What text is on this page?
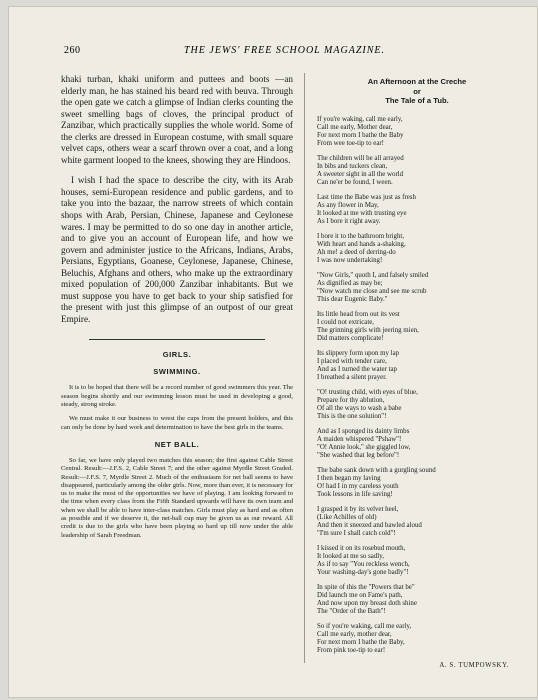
260	THE JEWS' FREE SCHOOL MAGAZINE.

khaki turban, khaki uniform and puttees and boots —an elderly man, he has stained his beard red with beuva. Through the open gate we catch a glimpse of Indian clerks counting the sweet smelling bags of cloves, the principal product of Zanzibar, which practically supplies the whole world. Some of the clerks are dressed in European costume, with small square velvet caps, others wear a scarf thrown over a coat, and a long white garment looped to the knees, showing they are Hindoos.

I wish I had the space to describe the city, with its Arab houses, semi-European residence and public gardens, and to take you into the bazaar, the narrow streets of which contain shops with Arab, Persian, Chinese, Japanese and Ceylonese wares. I may be permitted to do so one day in another article, and to give you an account of European life, and how we govern and administer justice to the Africans, Indians, Arabs, Persians, Egyptians, Goanese, Ceylonese, Japanese, Chinese, Beluchis, Afghans and others, who make up the extraordinary mixed population of 200,000 Zanzibar inhabitants. But we must suppose you have to get back to your ship satisfied for the present with just this glimpse of an outpost of our great Empire.

GIRLS.
SWIMMING.

It is to be hoped that there will be a record number of good swimmers this year. The season begins shortly and our swimming lesson must be used in developing a good, steady, strong stroke.

We must make it our business to wrest the cups from the present holders, and this can only be done by hard work and determination to have the best girls in the teams.

NET BALL.

So far, we have only played two matches this season; the first against Cable Street Central. Result:—J.F.S. 2, Cable Street 7; and the other against Myrdle Street Graded. Result:—J.F.S. 7, Myrdle Street 2. Much of the enthusiasm for net ball seems to have disappeared, particularly among the older girls. Now, more than ever, it is necessary for us to make the most of the opportunities we have of playing. I am looking forward to the time when every class from the Fifth Standard upwards will have its own team and when we shall be able to have inter-class matches. Girls must play as hard and as often as possible and if we deserve it, the net-ball cup may be given us as our reward. All credit is due to the girls who have been playing so hard up till now under the able leadership of Sarah Freedman.

An Afternoon at the Creche
or
The Tale of a Tub.
If you're waking, call me early,
Call me early, Mother dear,
For next morn I bathe the Baby
From wee toe-tip to ear!
The children will be all arrayed
In bibs and tuckers clean,
A sweeter sight in all the world
Can ne'er be found, I ween.
Last time the Babe was just as fresh
As any flower in May,
It looked at me with trusting eye
As I bore it right away.
I bore it to the bathroom bright,
With heart and hands a-shaking,
Ah me! a deed of derring-do
I was now undertaking!
"Now Girls," quoth I, and falsely smiled
As dignified as may be;
"Now watch me close and see me scrub
This dear Eugenic Baby."
Its little head from out its vest
I could not extricate,
The grinning girls with jeering mien,
Did matters complicate!
Its slippery form upon my lap
I placed with tender care,
And as I turned the water tap
I breathed a silent prayer.
"O! trusting child, with eyes of blue,
Prepare for thy ablution,
Of all the ways to wash a babe
This is the one solution"!
And as I sponged its dainty limbs
A maiden whispered "Pshaw"!
"O! Annie look," she giggled low,
"She washed that leg before"!
The babe sank down with a gurgling sound
I then began my laving
O! had I in my careless youth
Took lessons in life saving!
I grasped it by its velvet heel,
(Like Achilles of old)
And then it sneezed and bawled aloud
"I'm sure I shall catch cold"!
I kissed it on its rosebud mouth,
It looked at me so sadly,
As if to say "You reckless wench,
Your washing-day's gone badly"!
In spite of this the "Powers that be"
Did launch me on Fame's path,
And now upon my breast doth shine
The "Order of the Bath"!
So if you're waking, call me early,
Call me early, mother dear,
For next morn I bathe the Baby,
From pink toe-tip to ear!
A. S. TUMPOWSKY.
